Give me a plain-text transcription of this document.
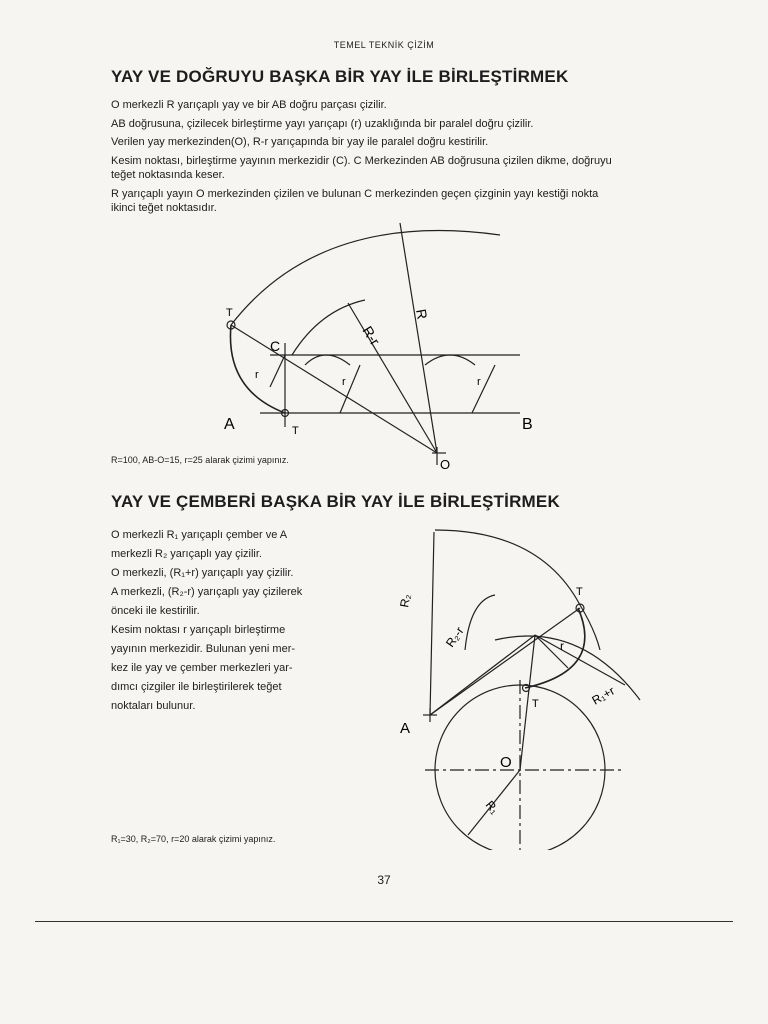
TEMEL TEKNİK ÇİZİM
YAY VE DOĞRUYU BAŞKA BİR YAY İLE BİRLEŞTİRMEK
O merkezli R yarıçaplı yay ve bir AB doğru parçası çizilir.
AB doğrusuna, çizilecek birleştirme yayı yarıçapı (r) uzaklığında bir paralel doğru çizilir.
Verilen yay merkezinden(O), R-r yarıçapında bir yay ile paralel doğru kestirilir.
Kesim noktası, birleştirme yayının merkezidir (C). C Merkezinden AB doğrusuna çizilen dikme, doğruyu
teğet noktasında keser.
R yarıçaplı yayın O merkezinden çizilen ve bulunan C merkezinden geçen çizginin yayı kestiği nokta
ikinci teğet noktasıdır.
T
C
R
R-r
r
r	r
A	T	B
O
R=100, AB-O=15, r=25 alarak çizimi yapınız.
YAY VE ÇEMBERİ BAŞKA BİR YAY İLE BİRLEŞTİRMEK
O merkezli R₁ yarıçaplı çember ve A
merkezli R₂ yarıçaplı yay çizilir.
O merkezli, (R₁+r) yarıçaplı yay çizilir.
A merkezli, (R₂-r) yarıçaplı yay çizilerek
önceki ile kestirilir.
Kesim noktası r yarıçaplı birleştirme
yayının merkezidir. Bulunan yeni mer-
kez ile yay ve çember merkezleri yar-
dımcı çizgiler ile birleştirilerek teğet
noktaları bulunur.
R₂
R₂-r
T
r
R₁+r
T
A
O
R₁
R₁=30, R₂=70, r=20 alarak çizimi yapınız.
37
